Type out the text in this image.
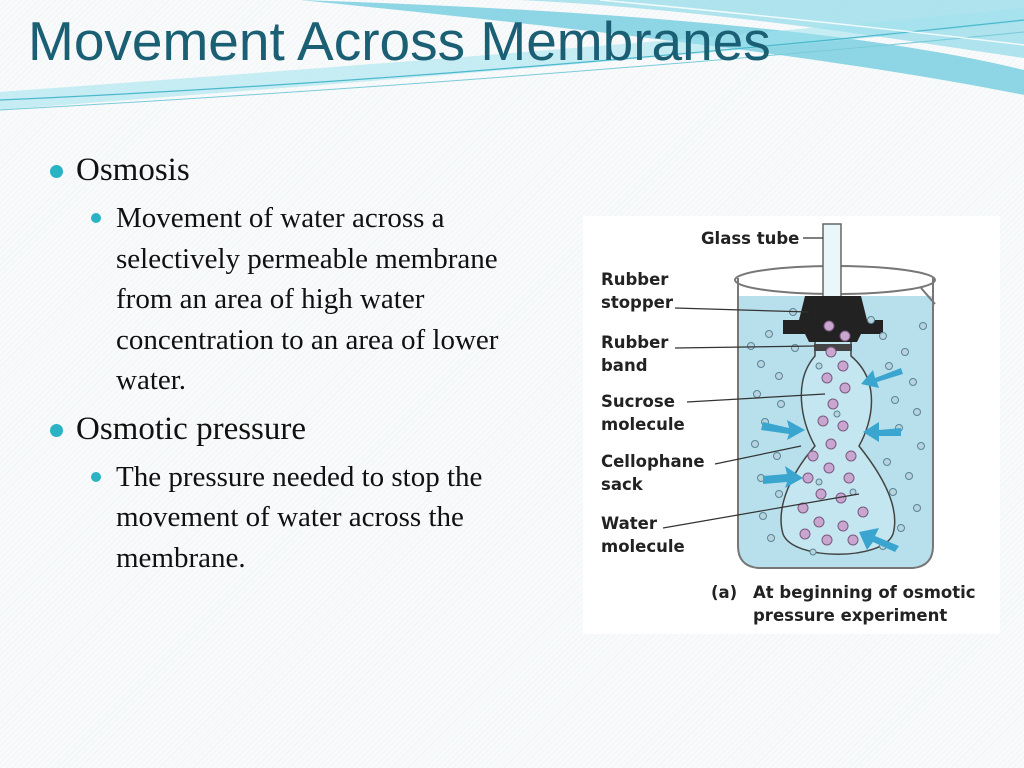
Movement Across Membranes
Osmosis
Movement of water across a selectively permeable membrane from an area of high water concentration to an area of lower water.
Osmotic pressure
The pressure needed to stop the movement of water across the membrane.
Glass tube
Rubber
stopper
Rubber
band
Sucrose
molecule
Cellophane
sack
Water
molecule
(a) At beginning of osmotic
pressure experiment
